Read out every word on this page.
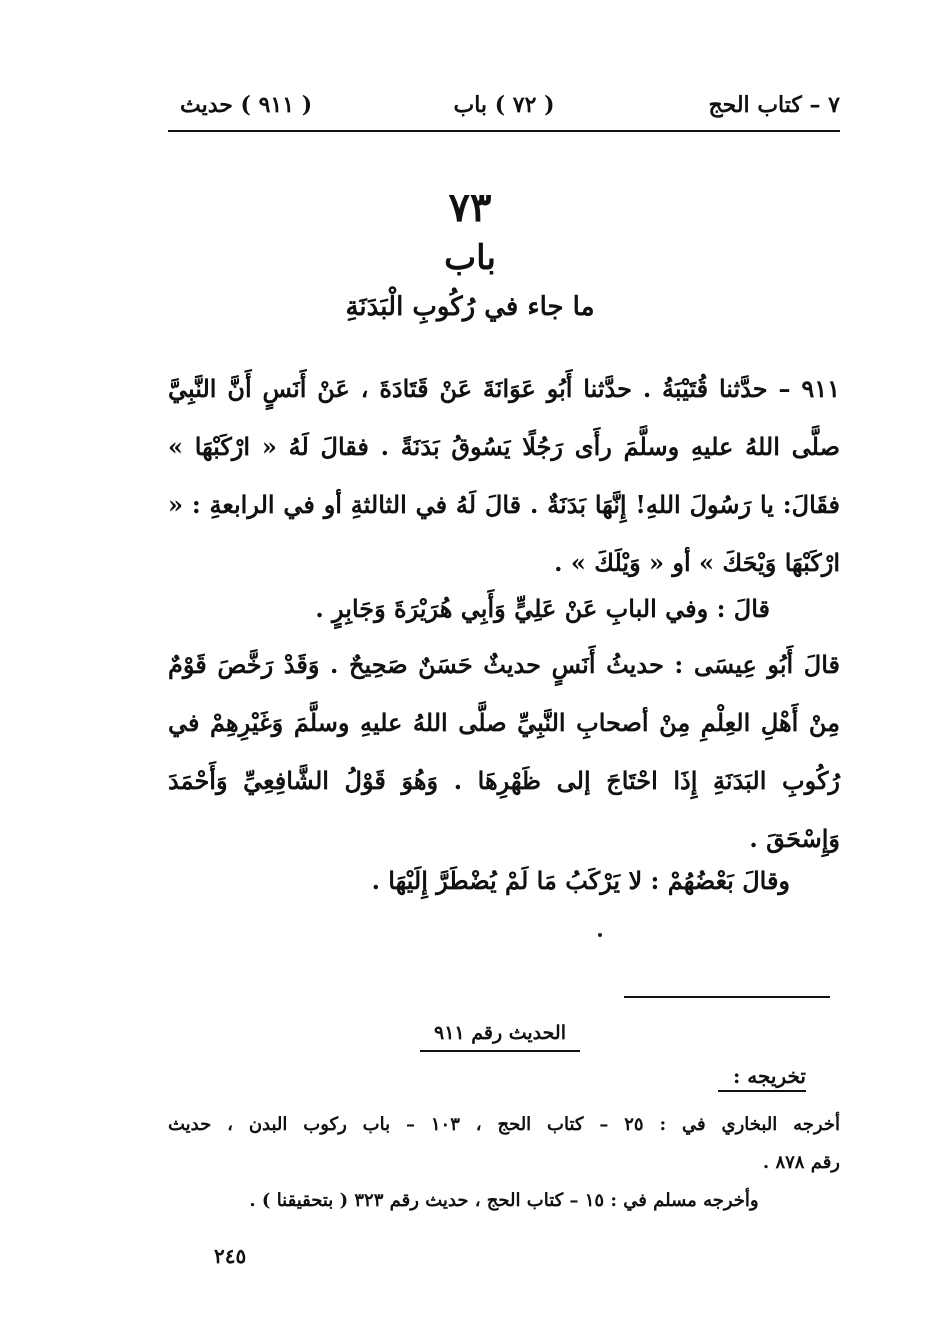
٧ – كتاب الحج
( ٧٢ ) باب
( ٩١١ ) حديث
٧٣
باب
ما جاء في رُكُوبِ الْبَدَنَةِ
٩١١ – حدَّثنا قُتَيْبَةُ . حدَّثنا أَبُو عَوَانَةَ عَنْ قَتَادَةَ ، عَنْ أَنَسٍ أَنَّ النَّبِيَّ صلَّى اللهُ عليهِ وسلَّمَ رأَى رَجُلًا يَسُوقُ بَدَنَةً . فقالَ لَهُ « ارْكَبْهَا » فقَالَ: يا رَسُولَ اللهِ! إِنَّهَا بَدَنَةٌ . قالَ لَهُ في الثالثةِ أو في الرابعةِ : « ارْكَبْهَا وَيْحَكَ » أو « وَيْلَكَ » .
قالَ : وفي البابِ عَنْ عَلِيٍّ وَأَبِي هُرَيْرَةَ وَجَابِرٍ .
قالَ أَبُو عِيسَى : حديثُ أَنَسٍ حديثٌ حَسَنٌ صَحِيحٌ . وَقَدْ رَخَّصَ قَوْمٌ مِنْ أَهْلِ العِلْمِ مِنْ أصحابِ النَّبِيِّ صلَّى اللهُ عليهِ وسلَّمَ وَغَيْرِهِمْ في رُكُوبِ البَدَنَةِ إِذَا احْتَاجَ إلى ظَهْرِهَا . وَهُوَ قَوْلُ الشَّافِعِيِّ وَأَحْمَدَ وَإِسْحَقَ .
وقالَ بَعْضُهُمْ : لا يَرْكَبُ مَا لَمْ يُضْطَرَّ إِلَيْهَا .
الحديث رقم ٩١١
تخريجه :
أخرجه البخاري في : ٢٥ – كتاب الحج ، ١٠٣ – باب ركوب البدن ، حديث
رقم ٨٧٨ .
وأخرجه مسلم في : ١٥ – كتاب الحج ، حديث رقم ٣٢٣ ( بتحقيقنا ) .
٢٤٥
